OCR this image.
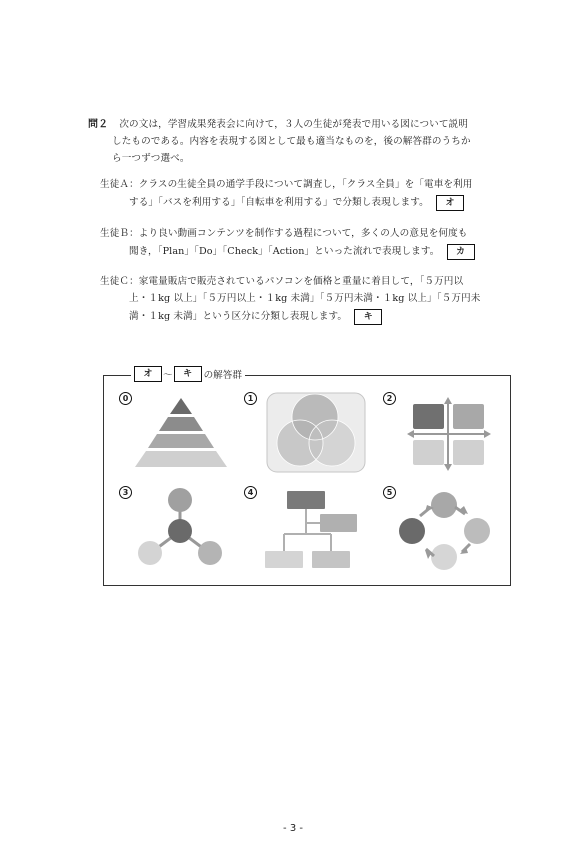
問２ 次の文は，学習成果発表会に向けて，３人の生徒が発表で用いる図について説明
したものである。内容を表現する図として最も適当なものを，後の解答群のうちか
ら一つずつ選べ。
生徒Ａ：クラスの生徒全員の通学手段について調査し，「クラス全員」を「電車を利用
する」「バスを利用する」「自転車を利用する」で分類し表現します。 オ
生徒Ｂ：より良い動画コンテンツを制作する過程について，多くの人の意見を何度も
聞き，「Plan」「Do」「Check」「Action」といった流れで表現します。 カ
生徒Ｃ：家電量販店で販売されているパソコンを価格と重量に着目して，「５万円以
上・１kg 以上」「５万円以上・１kg 未満」「５万円未満・１kg 以上」「５万円未
満・１kg 未満」という区分に分類し表現します。 キ
オ	〜	キ	の解答群
0	1	2
3	4	5
- 3 -
